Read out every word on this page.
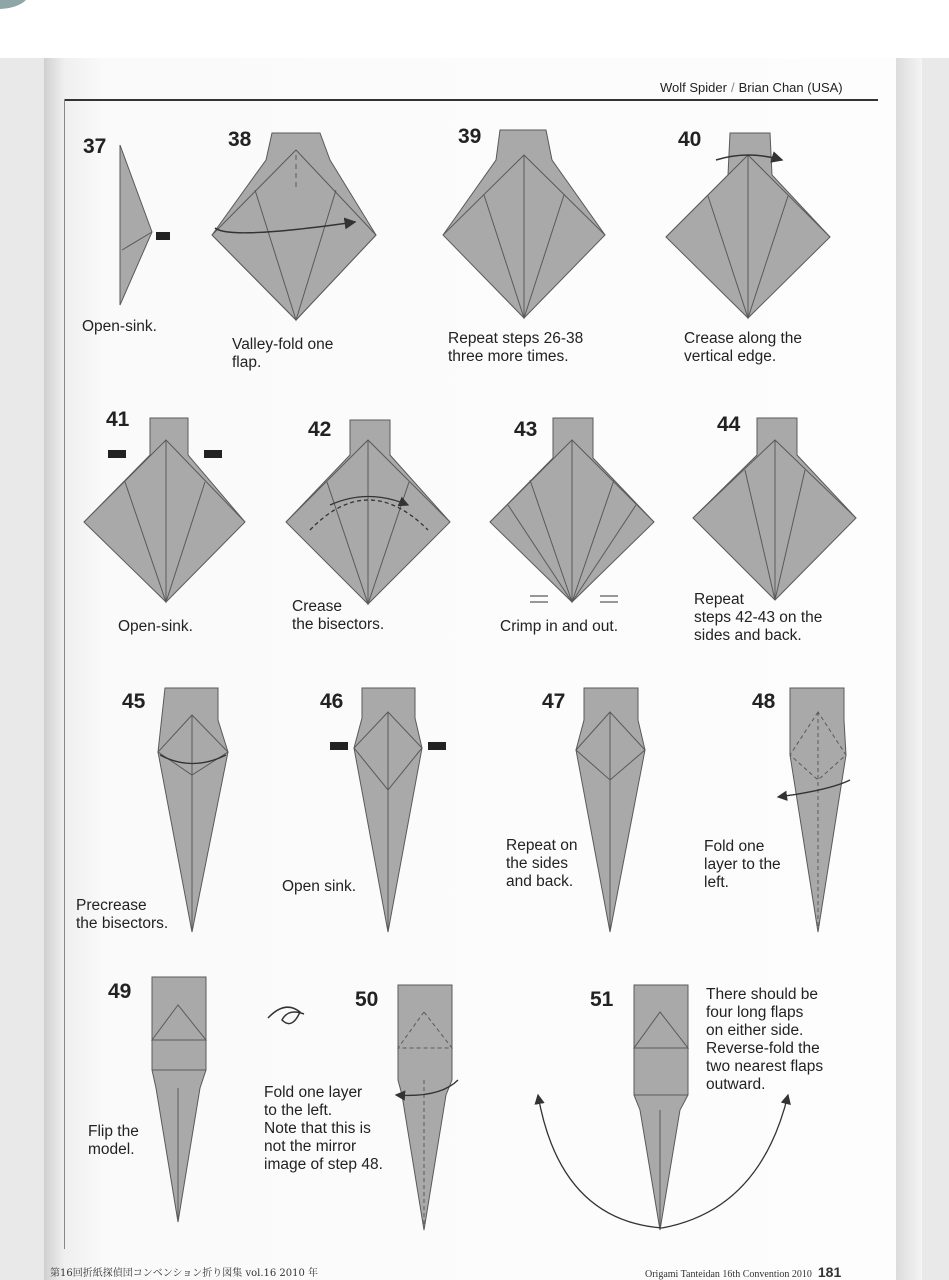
Wolf Spider / Brian Chan (USA)
37
Open-sink.
38
Valley-fold one
flap.
39
Repeat steps 26-38
three more times.
40
Crease along the
vertical edge.
41
Open-sink.
42
Crease
the bisectors.
43
Crimp in and out.
44
Repeat
steps 42-43 on the
sides and back.
45
Precrease
the bisectors.
46
Open sink.
47
Repeat on
the sides
and back.
48
Fold one
layer to the
left.
49
Flip the
model.
50
Fold one layer
to the left.
Note that this is
not the mirror
image of step 48.
51	There should be
four long flaps
on either side.
Reverse-fold the
two nearest flaps
outward.
第16回折紙探偵団コンベンション折り図集 vol.16 2010 年	Origami Tanteidan 16th Convention 2010 181
